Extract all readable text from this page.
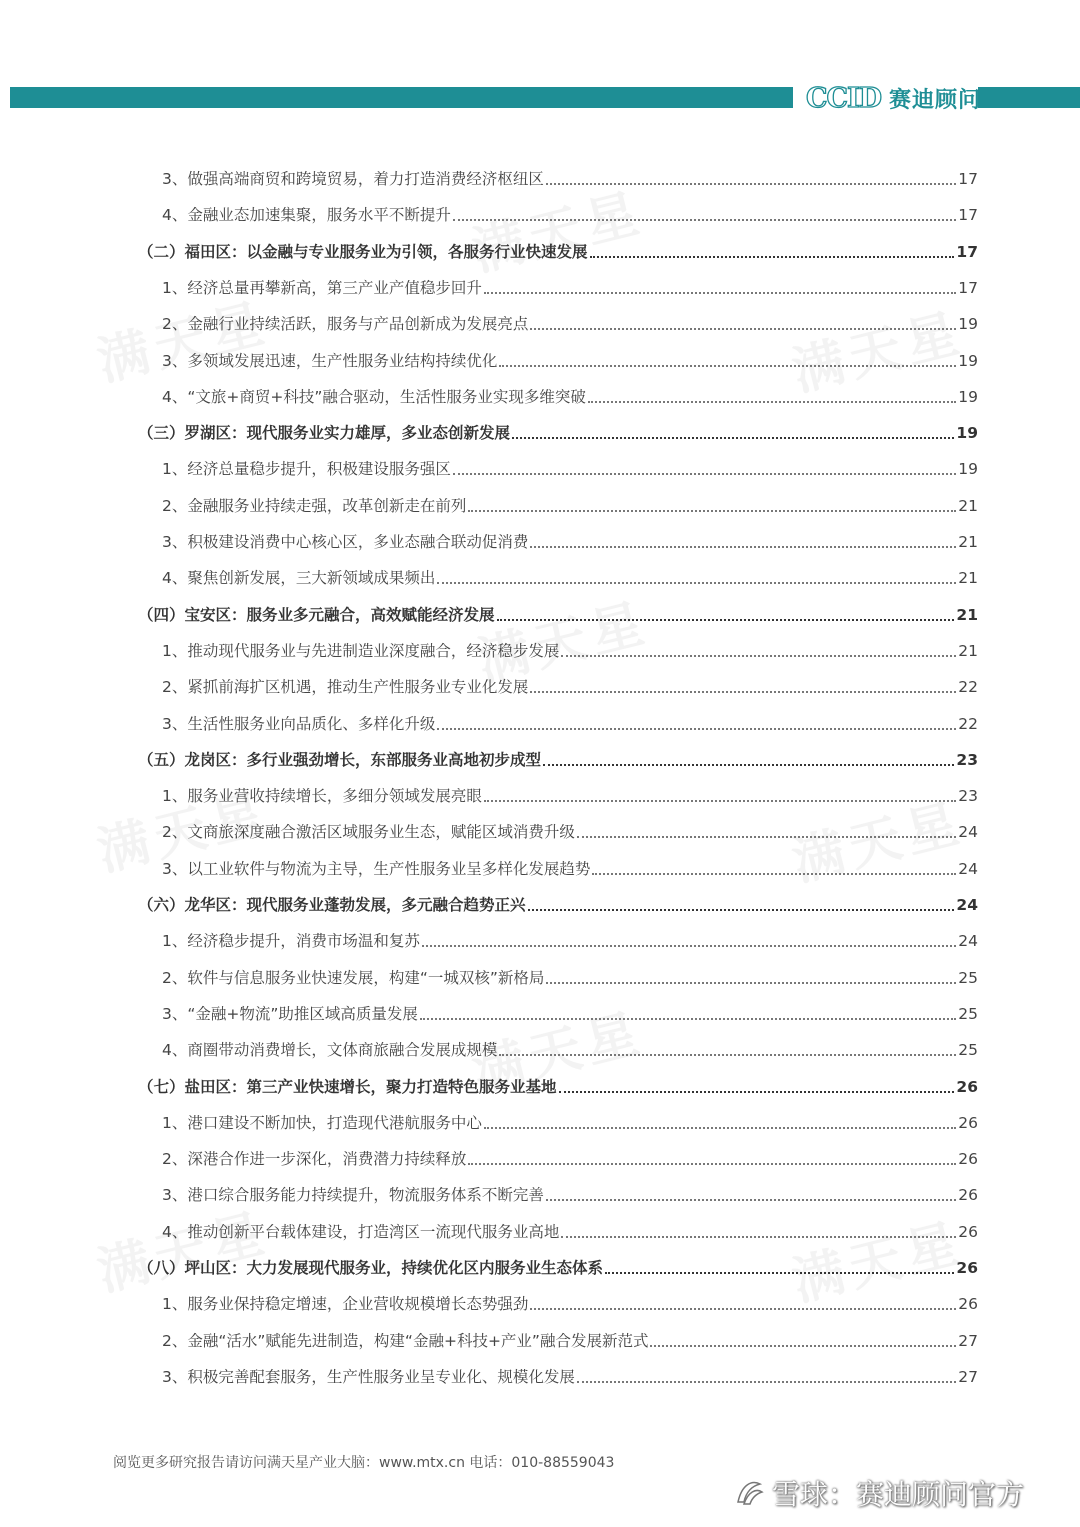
CCID 赛迪顾问
3、做强高端商贸和跨境贸易，着力打造消费经济枢纽区	17
4、金融业态加速集聚，服务水平不断提升	17
（二）福田区：以金融与专业服务业为引领，各服务行业快速发展	17
1、经济总量再攀新高，第三产业产值稳步回升	17
2、金融行业持续活跃，服务与产品创新成为发展亮点	19
3、多领域发展迅速，生产性服务业结构持续优化	19
4、“文旅+商贸+科技”融合驱动，生活性服务业实现多维突破	19
（三）罗湖区：现代服务业实力雄厚，多业态创新发展	19
1、经济总量稳步提升，积极建设服务强区	19
2、金融服务业持续走强，改革创新走在前列	21
3、积极建设消费中心核心区，多业态融合联动促消费	21
4、聚焦创新发展，三大新领域成果频出	21
（四）宝安区：服务业多元融合，高效赋能经济发展	21
1、推动现代服务业与先进制造业深度融合，经济稳步发展	21
2、紧抓前海扩区机遇，推动生产性服务业专业化发展	22
3、生活性服务业向品质化、多样化升级	22
（五）龙岗区：多行业强劲增长，东部服务业高地初步成型	23
1、服务业营收持续增长，多细分领域发展亮眼	23
2、文商旅深度融合激活区域服务业生态，赋能区域消费升级	24
3、以工业软件与物流为主导，生产性服务业呈多样化发展趋势	24
（六）龙华区：现代服务业蓬勃发展，多元融合趋势正兴	24
1、经济稳步提升，消费市场温和复苏	24
2、软件与信息服务业快速发展，构建“一城双核”新格局	25
3、“金融+物流”助推区域高质量发展	25
4、商圈带动消费增长，文体商旅融合发展成规模	25
（七）盐田区：第三产业快速增长，聚力打造特色服务业基地	26
1、港口建设不断加快，打造现代港航服务中心	26
2、深港合作进一步深化，消费潜力持续释放	26
3、港口综合服务能力持续提升，物流服务体系不断完善	26
4、推动创新平台载体建设，打造湾区一流现代服务业高地	26
（八）坪山区：大力发展现代服务业，持续优化区内服务业生态体系	26
1、服务业保持稳定增速，企业营收规模增长态势强劲	26
2、金融“活水”赋能先进制造，构建“金融+科技+产业”融合发展新范式	27
3、积极完善配套服务，生产性服务业呈专业化、规模化发展	27
阅览更多研究报告请访问满天星产业大脑：www.mtx.cn 电话：010-88559043
雪球：赛迪顾问官方
